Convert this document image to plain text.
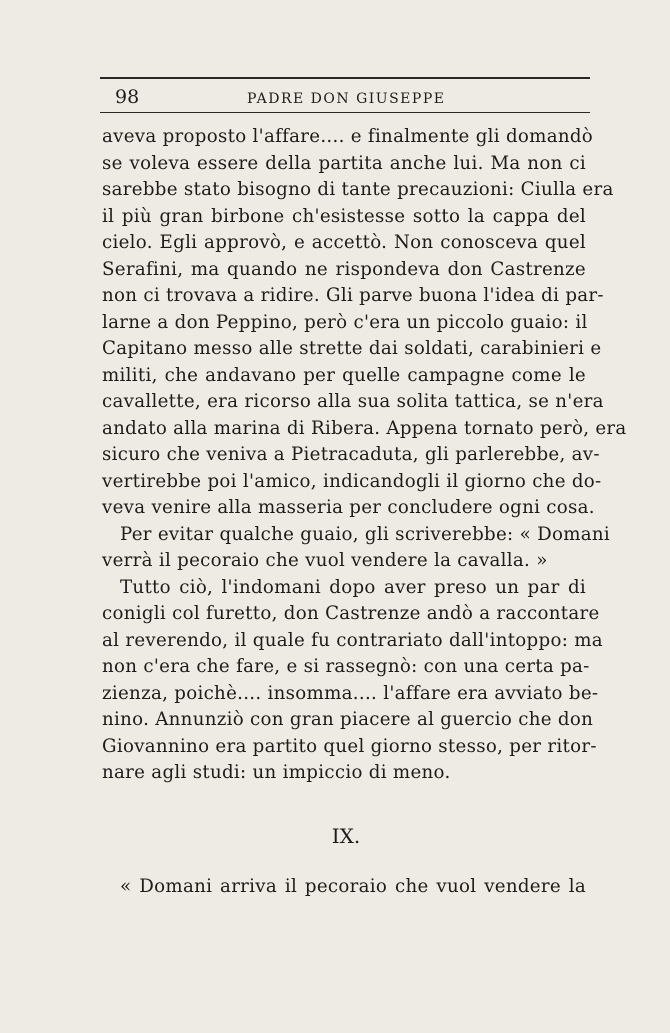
98	PADRE DON GIUSEPPE
aveva proposto l'affare.... e finalmente gli domandò
se voleva essere della partita anche lui. Ma non ci
sarebbe stato bisogno di tante precauzioni: Ciulla era
il più gran birbone ch'esistesse sotto la cappa del
cielo. Egli approvò, e accettò. Non conosceva quel
Serafini, ma quando ne rispondeva don Castrenze
non ci trovava a ridire. Gli parve buona l'idea di par-
larne a don Peppino, però c'era un piccolo guaio: il
Capitano messo alle strette dai soldati, carabinieri e
militi, che andavano per quelle campagne come le
cavallette, era ricorso alla sua solita tattica, se n'era
andato alla marina di Ribera. Appena tornato però, era
sicuro che veniva a Pietracaduta, gli parlerebbe, av-
vertirebbe poi l'amico, indicandogli il giorno che do-
veva venire alla masseria per concludere ogni cosa.
Per evitar qualche guaio, gli scriverebbe: « Domani
verrà il pecoraio che vuol vendere la cavalla. »
Tutto ciò, l'indomani dopo aver preso un par di
conigli col furetto, don Castrenze andò a raccontare
al reverendo, il quale fu contrariato dall'intoppo: ma
non c'era che fare, e si rassegnò: con una certa pa-
zienza, poichè.... insomma.... l'affare era avviato be-
nino. Annunziò con gran piacere al guercio che don
Giovannino era partito quel giorno stesso, per ritor-
nare agli studi: un impiccio di meno.
IX.
« Domani arriva il pecoraio che vuol vendere la
